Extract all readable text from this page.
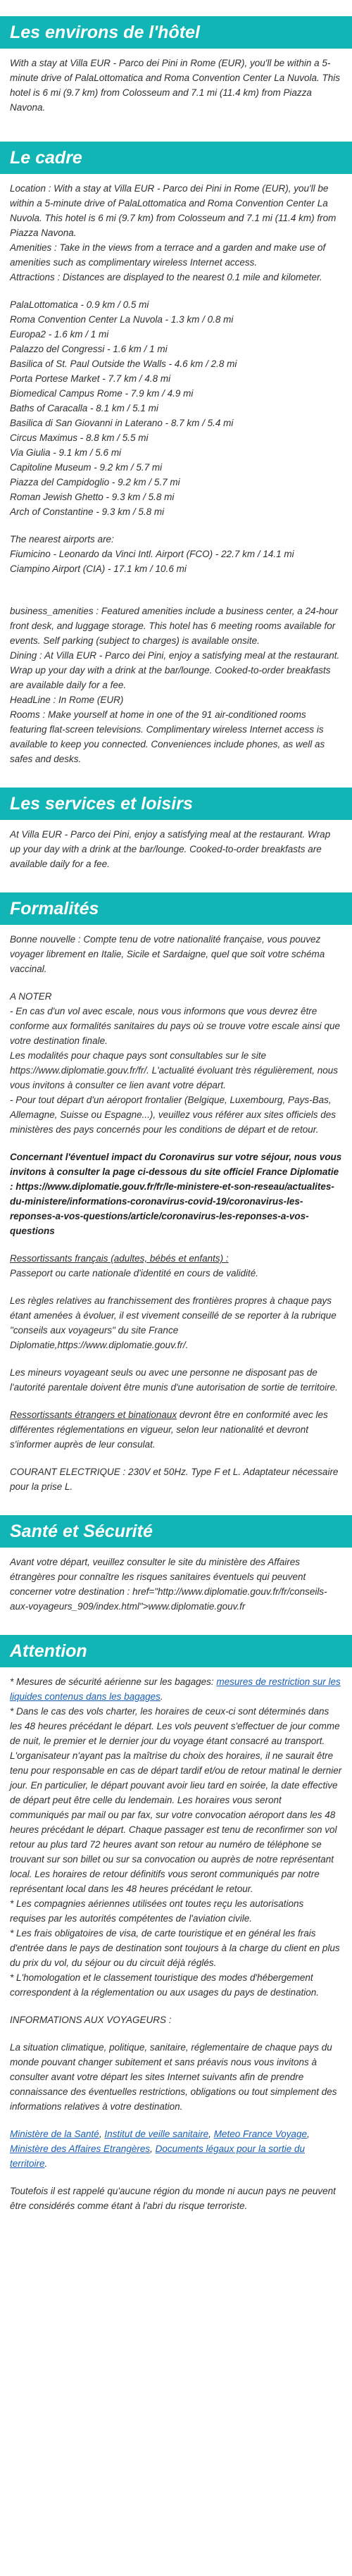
Les environs de l'hôtel

With a stay at Villa EUR - Parco dei Pini in Rome (EUR), you'll be within a 5-minute drive of PalaLottomatica and Roma Convention Center La Nuvola. This hotel is 6 mi (9.7 km) from Colosseum and 7.1 mi (11.4 km) from Piazza Navona.

Le cadre

Location : With a stay at Villa EUR - Parco dei Pini in Rome (EUR), you'll be within a 5-minute drive of PalaLottomatica and Roma Convention Center La Nuvola. This hotel is 6 mi (9.7 km) from Colosseum and 7.1 mi (11.4 km) from Piazza Navona.

Amenities : Take in the views from a terrace and a garden and make use of amenities such as complimentary wireless Internet access.

Attractions : Distances are displayed to the nearest 0.1 mile and kilometer.

PalaLottomatica - 0.9 km / 0.5 mi

Roma Convention Center La Nuvola - 1.3 km / 0.8 mi

Europa2 - 1.6 km / 1 mi

Palazzo del Congressi - 1.6 km / 1 mi

Basilica of St. Paul Outside the Walls - 4.6 km / 2.8 mi

Porta Portese Market - 7.7 km / 4.8 mi

Biomedical Campus Rome - 7.9 km / 4.9 mi

Baths of Caracalla - 8.1 km / 5.1 mi

Basilica di San Giovanni in Laterano - 8.7 km / 5.4 mi

Circus Maximus - 8.8 km / 5.5 mi

Via Giulia - 9.1 km / 5.6 mi

Capitoline Museum - 9.2 km / 5.7 mi

Piazza del Campidoglio - 9.2 km / 5.7 mi

Roman Jewish Ghetto - 9.3 km / 5.8 mi

Arch of Constantine - 9.3 km / 5.8 mi

The nearest airports are:

Fiumicino - Leonardo da Vinci Intl. Airport (FCO) - 22.7 km / 14.1 mi

Ciampino Airport (CIA) - 17.1 km / 10.6 mi

business_amenities : Featured amenities include a business center, a 24-hour front desk, and luggage storage. This hotel has 6 meeting rooms available for events. Self parking (subject to charges) is available onsite.

Dining : At Villa EUR - Parco dei Pini, enjoy a satisfying meal at the restaurant. Wrap up your day with a drink at the bar/lounge. Cooked-to-order breakfasts are available daily for a fee.

HeadLine : In Rome (EUR)

Rooms : Make yourself at home in one of the 91 air-conditioned rooms featuring flat-screen televisions. Complimentary wireless Internet access is available to keep you connected. Conveniences include phones, as well as safes and desks.

Les services et loisirs

At Villa EUR - Parco dei Pini, enjoy a satisfying meal at the restaurant. Wrap up your day with a drink at the bar/lounge. Cooked-to-order breakfasts are available daily for a fee.

Formalités

Bonne nouvelle : Compte tenu de votre nationalité française, vous pouvez voyager librement en Italie, Sicile et Sardaigne, quel que soit votre schéma vaccinal.

A NOTER

- En cas d'un vol avec escale, nous vous informons que vous devrez être conforme aux formalités sanitaires du pays où se trouve votre escale ainsi que votre destination finale.

Les modalités pour chaque pays sont consultables sur le site https://www.diplomatie.gouv.fr/fr/. L'actualité évoluant très régulièrement, nous vous invitons à consulter ce lien avant votre départ.

- Pour tout départ d'un aéroport frontalier (Belgique, Luxembourg, Pays-Bas, Allemagne, Suisse ou Espagne...), veuillez vous référer aux sites officiels des ministères des pays concernés pour les conditions de départ et de retour.

Concernant l'éventuel impact du Coronavirus sur votre séjour, nous vous invitons à consulter la page ci-dessous du site officiel France Diplomatie : https://www.diplomatie.gouv.fr/fr/le-ministere-et-son-reseau/actualites-du-ministere/informations-coronavirus-covid-19/coronavirus-les-reponses-a-vos-questions/article/coronavirus-les-reponses-a-vos-questions

Ressortissants français (adultes, bébés et enfants) :
Passeport ou carte nationale d'identité en cours de validité.

Les règles relatives au franchissement des frontières propres à chaque pays étant amenées à évoluer, il est vivement conseillé de se reporter à la rubrique "conseils aux voyageurs" du site France Diplomatie,https://www.diplomatie.gouv.fr/.

Les mineurs voyageant seuls ou avec une personne ne disposant pas de l'autorité parentale doivent être munis d'une autorisation de sortie de territoire.

Ressortissants étrangers et binationaux devront être en conformité avec les différentes réglementations en vigueur, selon leur nationalité et devront s'informer auprès de leur consulat.

COURANT ELECTRIQUE : 230V et 50Hz. Type F et L. Adaptateur nécessaire pour la prise L.

Santé et Sécurité

Avant votre départ, veuillez consulter le site du ministère des Affaires étrangères pour connaître les risques sanitaires éventuels qui peuvent concerner votre destination : href="http://www.diplomatie.gouv.fr/fr/conseils-aux-voyageurs_909/index.html">www.diplomatie.gouv.fr

Attention

* Mesures de sécurité aérienne sur les bagages: mesures de restriction sur les liquides contenus dans les bagages.

* Dans le cas des vols charter, les horaires de ceux-ci sont déterminés dans les 48 heures précédant le départ. Les vols peuvent s'effectuer de jour comme de nuit, le premier et le dernier jour du voyage étant consacré au transport. L'organisateur n'ayant pas la maîtrise du choix des horaires, il ne saurait être tenu pour responsable en cas de départ tardif et/ou de retour matinal le dernier jour. En particulier, le départ pouvant avoir lieu tard en soirée, la date effective de départ peut être celle du lendemain. Les horaires vous seront communiqués par mail ou par fax, sur votre convocation aéroport dans les 48 heures précédant le départ. Chaque passager est tenu de reconfirmer son vol retour au plus tard 72 heures avant son retour au numéro de téléphone se trouvant sur son billet ou sur sa convocation ou auprès de notre représentant local. Les horaires de retour définitifs vous seront communiqués par notre représentant local dans les 48 heures précédant le retour.

* Les compagnies aériennes utilisées ont toutes reçu les autorisations requises par les autorités compétentes de l'aviation civile.

* Les frais obligatoires de visa, de carte touristique et en général les frais d'entrée dans le pays de destination sont toujours à la charge du client en plus du prix du vol, du séjour ou du circuit déjà réglés.

* L'homologation et le classement touristique des modes d'hébergement correspondent à la réglementation ou aux usages du pays de destination.

INFORMATIONS AUX VOYAGEURS :

La situation climatique, politique, sanitaire, réglementaire de chaque pays du monde pouvant changer subitement et sans préavis nous vous invitons à consulter avant votre départ les sites Internet suivants afin de prendre connaissance des éventuelles restrictions, obligations ou tout simplement des informations relatives à votre destination.

Ministère de la Santé, Institut de veille sanitaire, Meteo France Voyage, Ministère des Affaires Etrangères, Documents légaux pour la sortie du territoire.

Toutefois il est rappelé qu'aucune région du monde ni aucun pays ne peuvent être considérés comme étant à l'abri du risque terroriste.
